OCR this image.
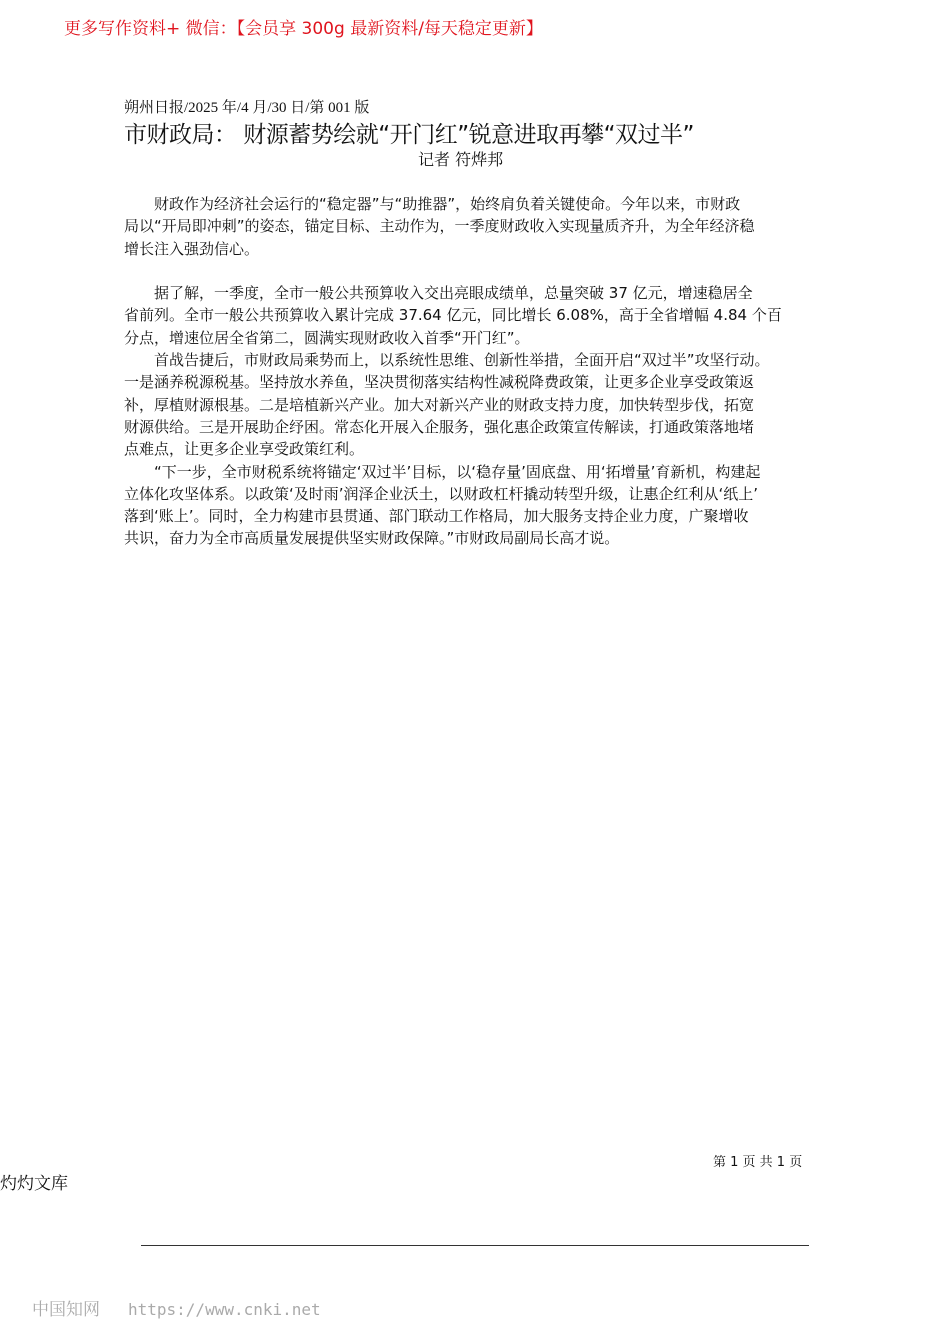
更多写作资料+ 微信：【会员享 300g 最新资料/每天稳定更新】
朔州日报/2025 年/4 月/30 日/第 001 版
市财政局： 财源蓄势绘就“开门红”锐意进取再攀“双过半”
记者 符烨邦
　　财政作为经济社会运行的“稳定器”与“助推器”，始终肩负着关键使命。今年以来，市财政
局以“开局即冲刺”的姿态，锚定目标、主动作为，一季度财政收入实现量质齐升，为全年经济稳
增长注入强劲信心。
　　据了解，一季度，全市一般公共预算收入交出亮眼成绩单，总量突破 37 亿元，增速稳居全
省前列。全市一般公共预算收入累计完成 37.64 亿元，同比增长 6.08%，高于全省增幅 4.84 个百
分点，增速位居全省第二，圆满实现财政收入首季“开门红”。
　　首战告捷后，市财政局乘势而上，以系统性思维、创新性举措，全面开启“双过半”攻坚行动。
一是涵养税源税基。坚持放水养鱼，坚决贯彻落实结构性减税降费政策，让更多企业享受政策返
补，厚植财源根基。二是培植新兴产业。加大对新兴产业的财政支持力度，加快转型步伐，拓宽
财源供给。三是开展助企纾困。常态化开展入企服务，强化惠企政策宣传解读，打通政策落地堵
点难点，让更多企业享受政策红利。
　　“下一步，全市财税系统将锚定‘双过半’目标，以‘稳存量’固底盘、用‘拓增量’育新机，构建起
立体化攻坚体系。以政策‘及时雨’润泽企业沃土，以财政杠杆撬动转型升级，让惠企红利从‘纸上’
落到‘账上’。同时，全力构建市县贯通、部门联动工作格局，加大服务支持企业力度，广聚增收
共识，奋力为全市高质量发展提供坚实财政保障。”市财政局副局长高才说。
第 1 页 共 1 页
灼灼文库
中国知网 https://www.cnki.net
